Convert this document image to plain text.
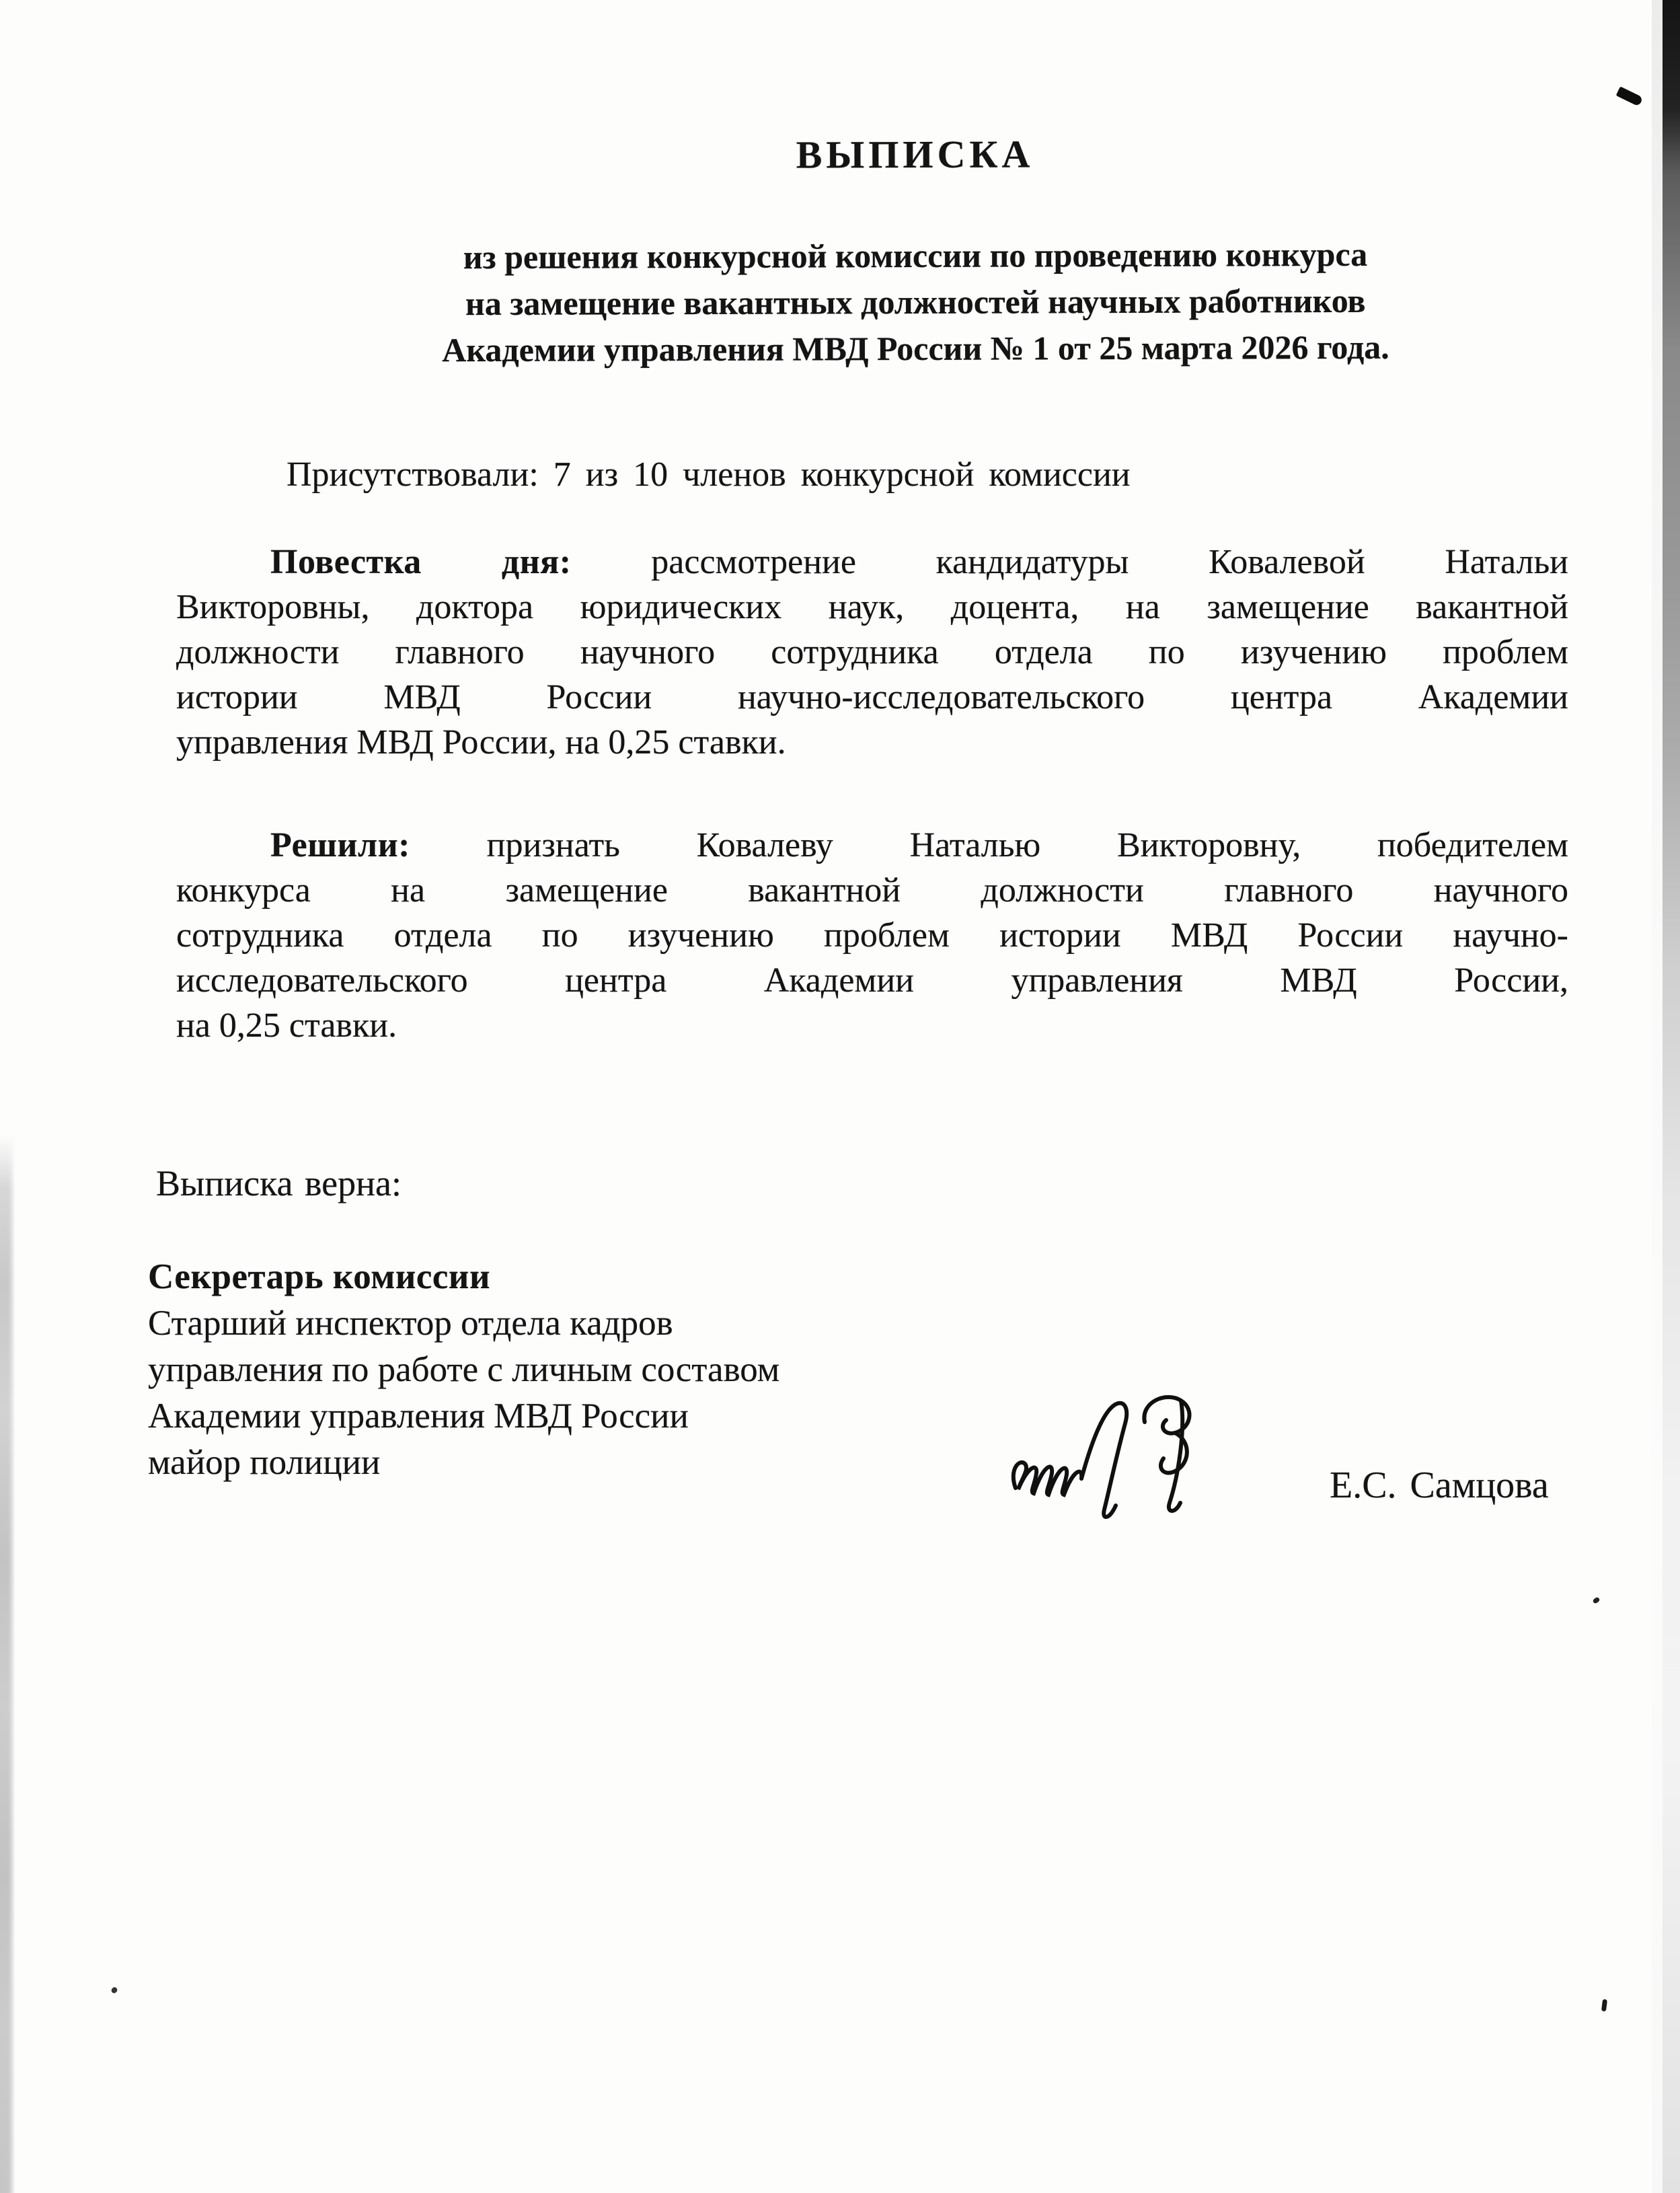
ВЫПИСКА
из решения конкурсной комиссии по проведению конкурса
на замещение вакантных должностей научных работников
Академии управления МВД России № 1 от 25 марта 2026 года.
Присутствовали: 7 из 10 членов конкурсной комиссии
Повестка дня: рассмотрение кандидатуры Ковалевой Натальи
Викторовны, доктора юридических наук, доцента, на замещение вакантной
должности главного научного сотрудника отдела по изучению проблем
истории МВД России научно-исследовательского центра Академии
управления МВД России, на 0,25 ставки.
Решили: признать Ковалеву Наталью Викторовну, победителем
конкурса на замещение вакантной должности главного научного
сотрудника отдела по изучению проблем истории МВД России научно-
исследовательского центра Академии управления МВД России,
на 0,25 ставки.
Выписка верна:
Секретарь комиссии
Старший инспектор отдела кадров
управления по работе с личным составом
Академии управления МВД России
майор полиции
Е.С. Самцова
